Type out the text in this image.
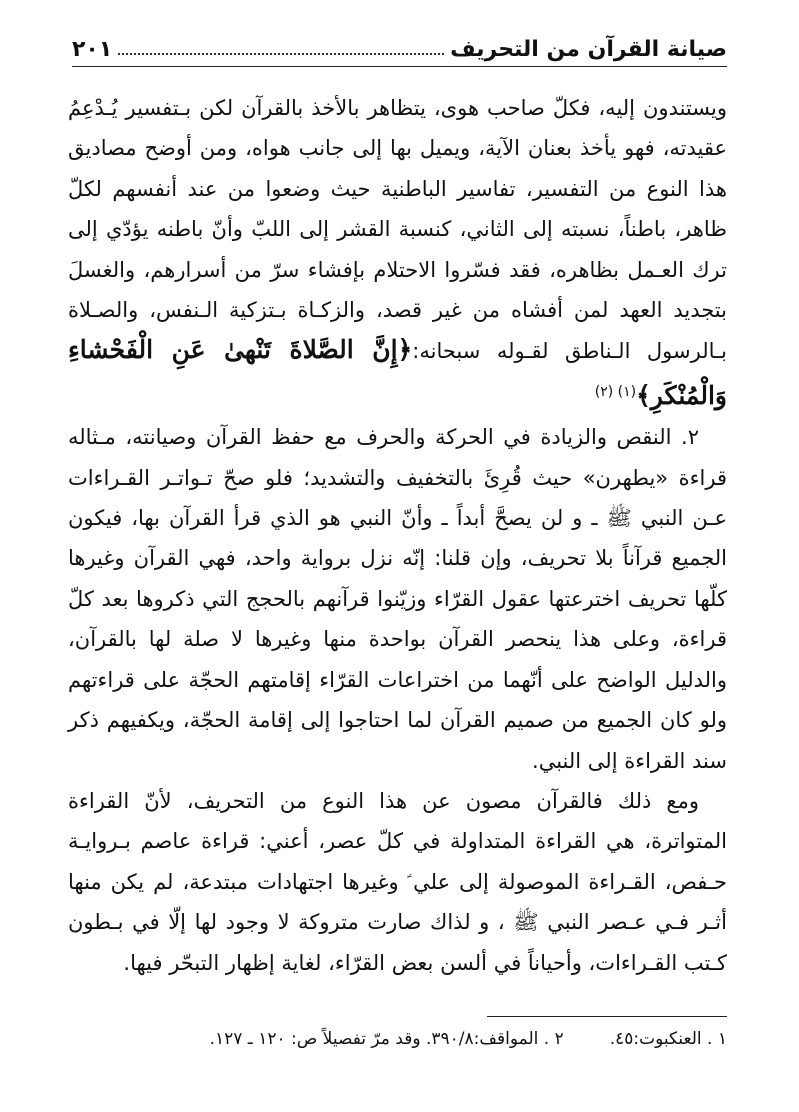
صيانة القرآن من التحريف
٢٠١

ويستندون إليه، فكلّ صاحب هوى، يتظاهر بالأخذ بالقرآن لكن بـتفسير يُـدْعِمُ عقيدته، فهو يأخذ بعنان الآية، ويميل بها إلى جانب هواه، ومن أوضح مصاديق هذا النوع من التفسير، تفاسير الباطنية حيث وضعوا من عند أنفسهم لكلّ ظاهر، باطناً، نسبته إلى الثاني، كنسبة القشر إلى اللبّ وأنّ باطنه يؤدّي إلى ترك العـمل بظاهره، فقد فسّروا الاحتلام بإفشاء سرّ من أسرارهم، والغسلَ بتجديد العهد لمن أفشاه من غير قصد، والزكـاة بـتزكية الـنفس، والصـلاة بـالرسول الـناطق لقـوله سبحانه:﴿إِنَّ الصَّلاةَ تَنْهىٰ عَنِ الْفَحْشاءِ وَالْمُنْكَرِ﴾$^{(١) (٢)}$

٢. النقص والزيادة في الحركة والحرف مع حفظ القرآن وصيانته، مـثاله قراءة «يطهرن» حيث قُرِئَ بالتخفيف والتشديد؛ فلو صحّ تـواتـر القـراءات عـن النبي ﷺ ـ و لن يصحَّ أبداً ـ وأنّ النبي هو الذي قرأ القرآن بها، فيكون الجميع قرآناً بلا تحريف، وإن قلنا: إنّه نزل برواية واحد، فهي القرآن وغيرها كلّها تحريف اخترعتها عقول القرّاء وزيّنوا قرآنهم بالحجج التي ذكروها بعد كلّ قراءة، وعلى هذا ينحصر القرآن بواحدة منها وغيرها لا صلة لها بالقرآن، والدليل الواضح على أنّهما من اختراعات القرّاء إقامتهم الحجّة على قراءتهم ولو كان الجميع من صميم القرآن لما احتاجوا إلى إقامة الحجّة، ويكفيهم ذكر سند القراءة إلى النبي.

ومع ذلك فالقرآن مصون عن هذا النوع من التحريف، لأنّ القراءة المتواترة، هي القراءة المتداولة في كلّ عصر، أعني: قراءة عاصم بـروايـة حـفص، القـراءة الموصولة إلى علي ؑ وغيرها اجتهادات مبتدعة، لم يكن منها أثـر فـي عـصر النبي ﷺ ، و لذاك صارت متروكة لا وجود لها إلّا في بـطون كـتب القـراءات، وأحياناً في ألسن بعض القرّاء، لغاية إظهار التبحّر فيها.

١ . العنكبوت:٤٥.
٢ . المواقف:٣٩٠/٨. وقد مرّ تفصيلاً ص: ١٢٠ ـ ١٢٧.
